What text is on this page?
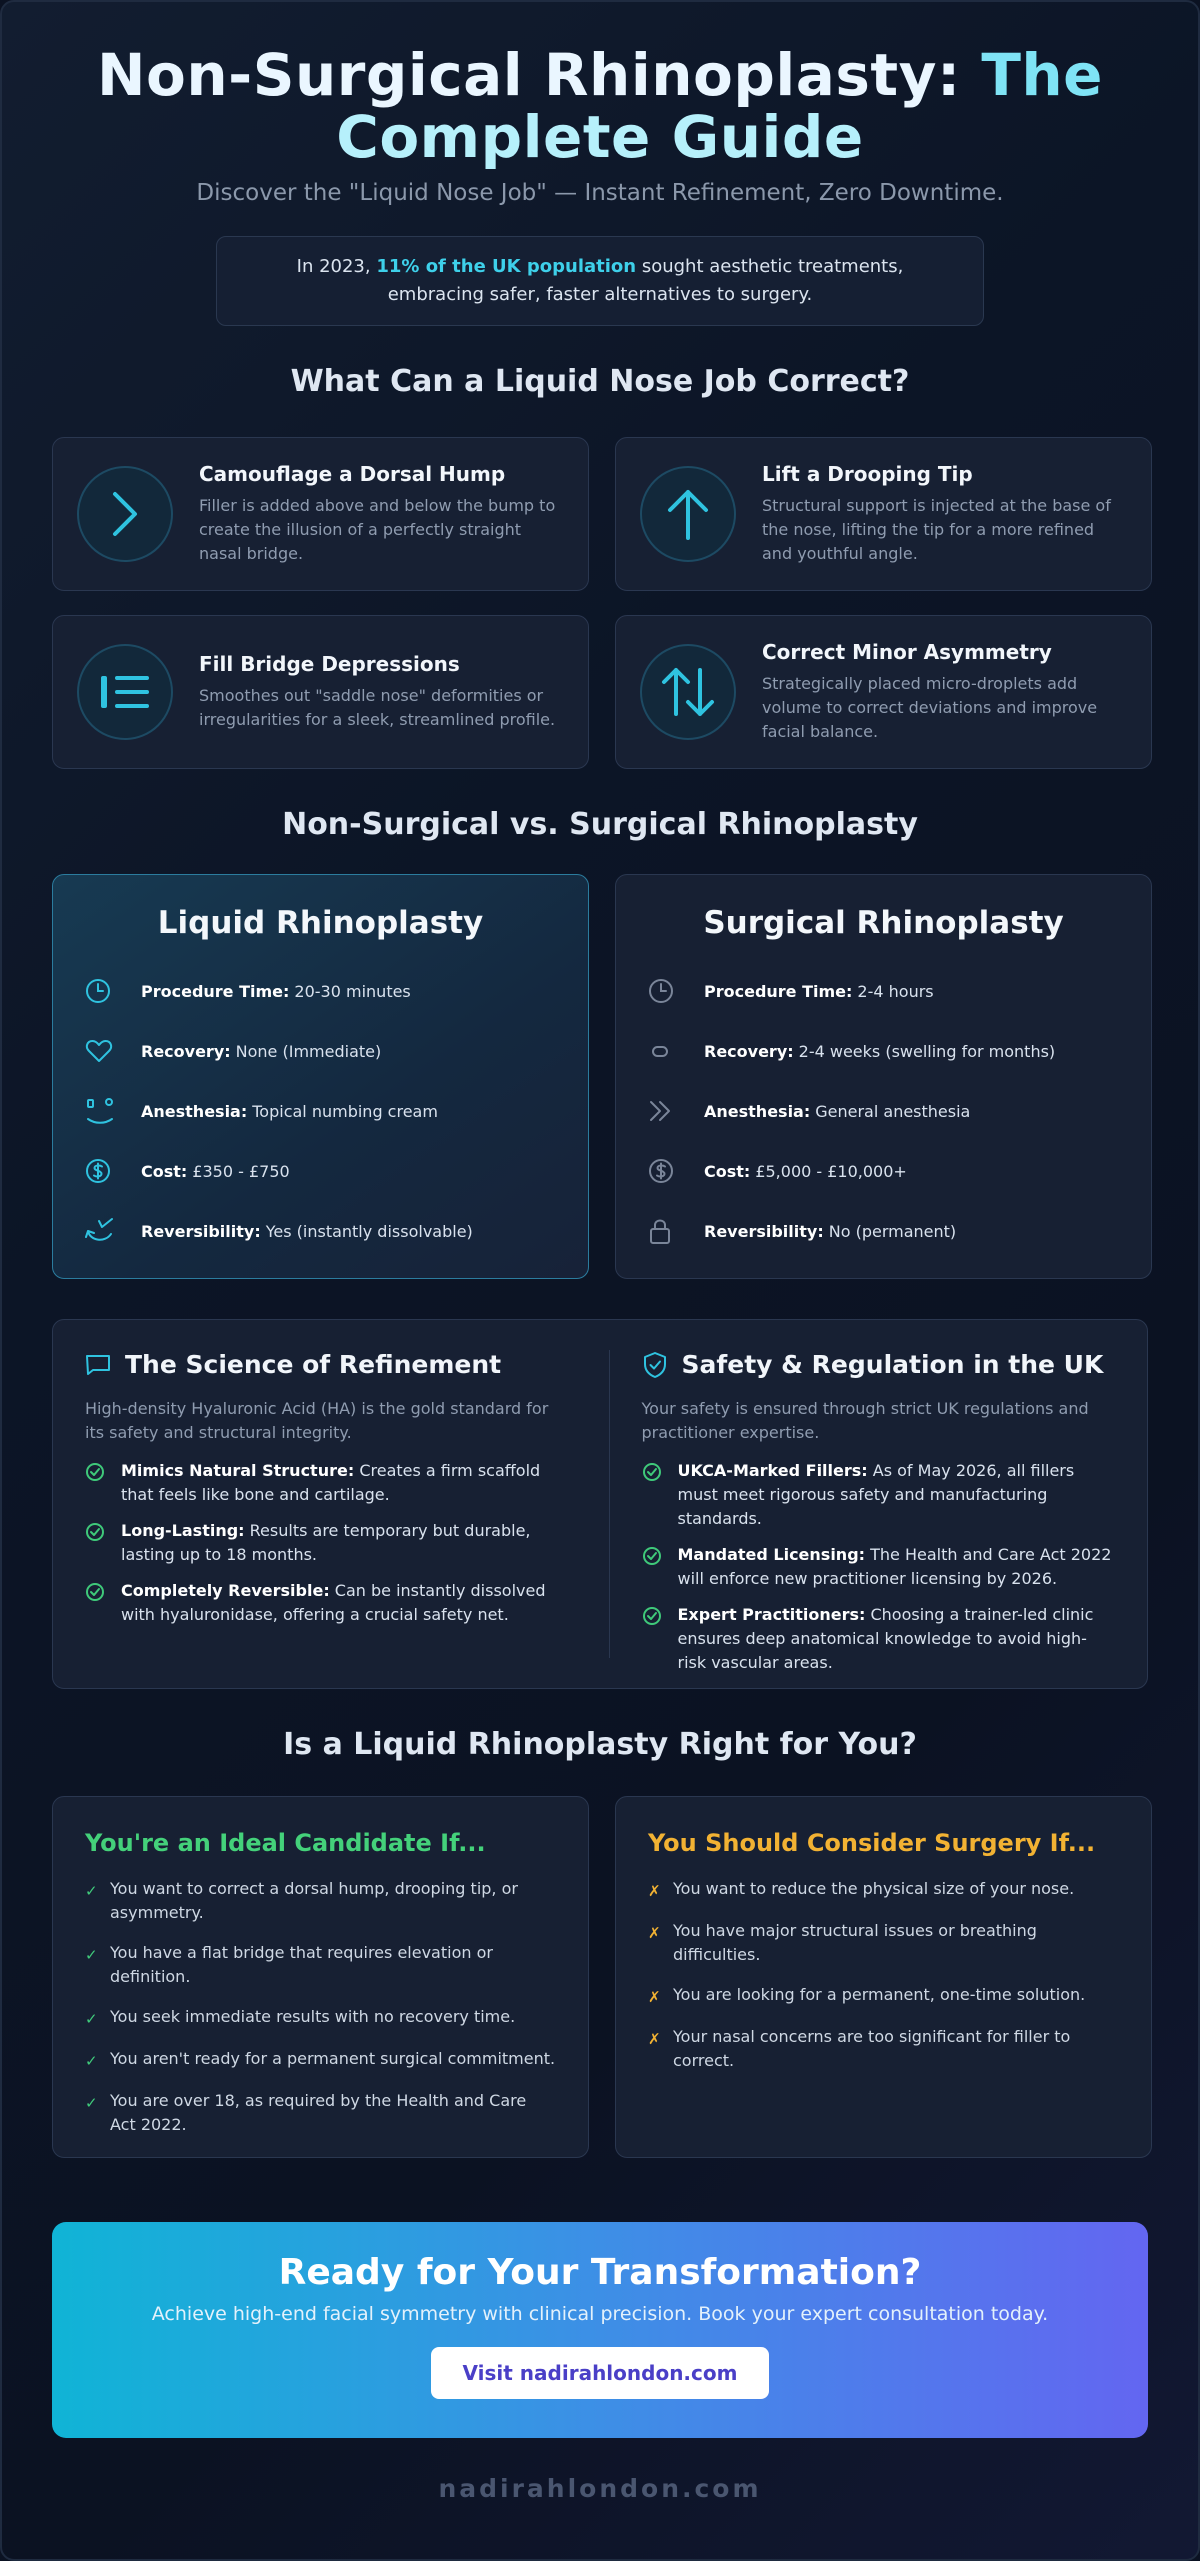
Non-Surgical Rhinoplasty: The
Complete Guide
Discover the "Liquid Nose Job" — Instant Refinement, Zero Downtime.
In 2023, 11% of the UK population sought aesthetic treatments,
embracing safer, faster alternatives to surgery.
What Can a Liquid Nose Job Correct?
Camouflage a Dorsal Hump

Filler is added above and below the bump to create the illusion of a perfectly straight nasal bridge.

Lift a Drooping Tip

Structural support is injected at the base of the nose, lifting the tip for a more refined and youthful angle.

Fill Bridge Depressions

Smoothes out "saddle nose" deformities or irregularities for a sleek, streamlined profile.

Correct Minor Asymmetry

Strategically placed micro-droplets add volume to correct deviations and improve facial balance.

Non-Surgical vs. Surgical Rhinoplasty
Liquid Rhinoplasty
Procedure Time: 20-30 minutes
Recovery: None (Immediate)
Anesthesia: Topical numbing cream
Cost: £350 - £750
Reversibility: Yes (instantly dissolvable)
Surgical Rhinoplasty
Procedure Time: 2-4 hours
Recovery: 2-4 weeks (swelling for months)
Anesthesia: General anesthesia
Cost: £5,000 - £10,000+
Reversibility: No (permanent)
The Science of Refinement

High-density Hyaluronic Acid (HA) is the gold standard for its safety and structural integrity.

Mimics Natural Structure: Creates a firm scaffold that feels like bone and cartilage.
Long-Lasting: Results are temporary but durable, lasting up to 18 months.
Completely Reversible: Can be instantly dissolved with hyaluronidase, offering a crucial safety net.
Safety & Regulation in the UK

Your safety is ensured through strict UK regulations and practitioner expertise.

UKCA-Marked Fillers: As of May 2026, all fillers must meet rigorous safety and manufacturing standards.
Mandated Licensing: The Health and Care Act 2022 will enforce new practitioner licensing by 2026.
Expert Practitioners: Choosing a trainer-led clinic ensures deep anatomical knowledge to avoid high-risk vascular areas.
Is a Liquid Rhinoplasty Right for You?
You're an Ideal Candidate If...
✓ You want to correct a dorsal hump, drooping tip, or asymmetry.
✓ You have a flat bridge that requires elevation or definition.
✓ You seek immediate results with no recovery time.
✓ You aren't ready for a permanent surgical commitment.
✓ You are over 18, as required by the Health and Care Act 2022.
You Should Consider Surgery If...
✗ You want to reduce the physical size of your nose.
✗ You have major structural issues or breathing difficulties.
✗ You are looking for a permanent, one-time solution.
✗ Your nasal concerns are too significant for filler to correct.
Ready for Your Transformation?

Achieve high-end facial symmetry with clinical precision. Book your expert consultation today.

Visit nadirahlondon.com
nadirahlondon.com
